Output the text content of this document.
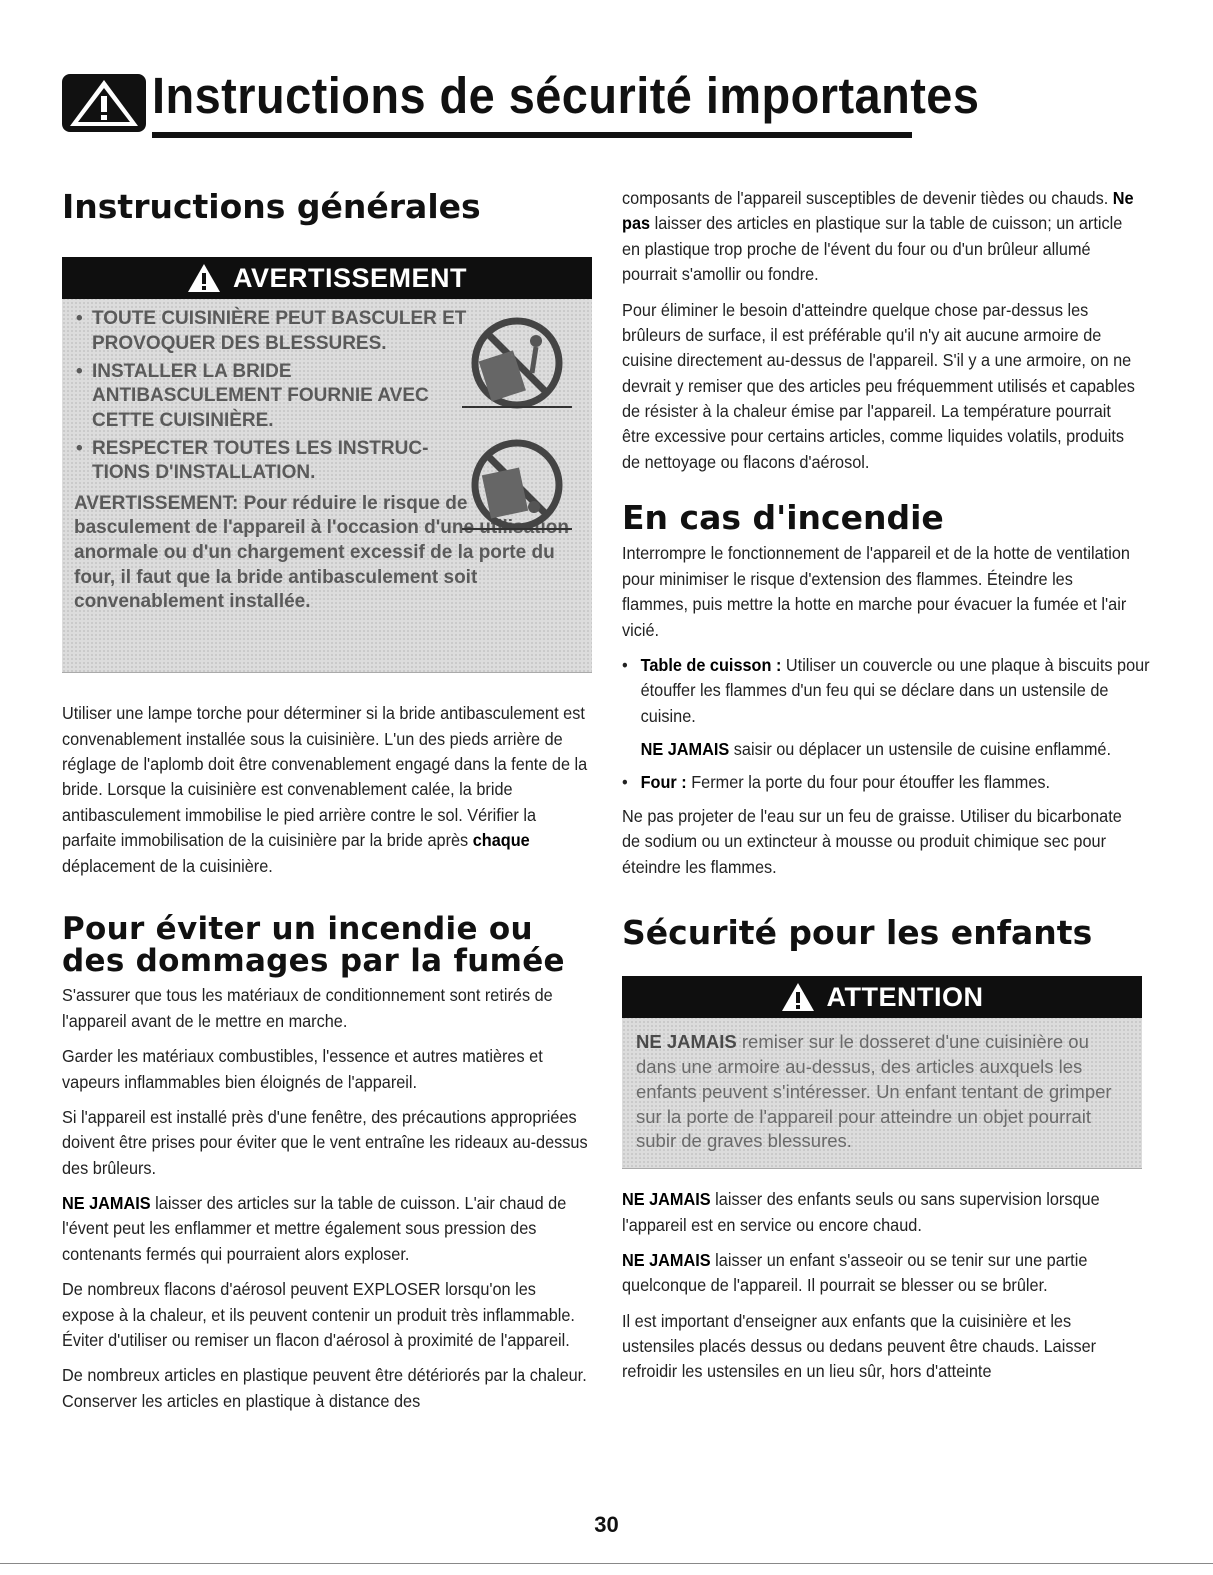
Instructions de sécurité importantes
Instructions générales
AVERTISSEMENT
• TOUTE CUISINIÈRE PEUT BASCULER ET PROVOQUER DES BLESSURES.
• INSTALLER LA BRIDE ANTIBASCULEMENT FOURNIE AVEC CETTE CUISINIÈRE.
• RESPECTER TOUTES LES INSTRUC- TIONS D'INSTALLATION.
AVERTISSEMENT: Pour réduire le risque de basculement de l'appareil à l'occasion d'une utilisation anormale ou d'un chargement excessif de la porte du four, il faut que la bride antibasculement soit convenablement installée.

Utiliser une lampe torche pour déterminer si la bride antibasculement est convenablement installée sous la cuisinière. L'un des pieds arrière de réglage de l'aplomb doit être convenablement engagé dans la fente de la bride. Lorsque la cuisinière est convenablement calée, la bride antibasculement immobilise le pied arrière contre le sol. Vérifier la parfaite immobilisation de la cuisinière par la bride après chaque déplacement de la cuisinière.

Pour éviter un incendie ou des dommages par la fumée

S'assurer que tous les matériaux de conditionnement sont retirés de l'appareil avant de le mettre en marche.

Garder les matériaux combustibles, l'essence et autres matières et vapeurs inflammables bien éloignés de l'appareil.

Si l'appareil est installé près d'une fenêtre, des précautions appropriées doivent être prises pour éviter que le vent entraîne les rideaux au-dessus des brûleurs.

NE JAMAIS laisser des articles sur la table de cuisson. L'air chaud de l'évent peut les enflammer et mettre également sous pression des contenants fermés qui pourraient alors exploser.

De nombreux flacons d'aérosol peuvent EXPLOSER lorsqu'on les expose à la chaleur, et ils peuvent contenir un produit très inflammable. Éviter d'utiliser ou remiser un flacon d'aérosol à proximité de l'appareil.

De nombreux articles en plastique peuvent être détériorés par la chaleur. Conserver les articles en plastique à distance des

composants de l'appareil susceptibles de devenir tièdes ou chauds. Ne pas laisser des articles en plastique sur la table de cuisson; un article en plastique trop proche de l'évent du four ou d'un brûleur allumé pourrait s'amollir ou fondre.

Pour éliminer le besoin d'atteindre quelque chose par-dessus les brûleurs de surface, il est préférable qu'il n'y ait aucune armoire de cuisine directement au-dessus de l'appareil. S'il y a une armoire, on ne devrait y remiser que des articles peu fréquemment utilisés et capables de résister à la chaleur émise par l'appareil. La température pourrait être excessive pour certains articles, comme liquides volatils, produits de nettoyage ou flacons d'aérosol.

En cas d'incendie

Interrompre le fonctionnement de l'appareil et de la hotte de ventilation pour minimiser le risque d'extension des flammes. Éteindre les flammes, puis mettre la hotte en marche pour évacuer la fumée et l'air vicié.

• Table de cuisson : Utiliser un couvercle ou une plaque à biscuits pour étouffer les flammes d'un feu qui se déclare dans un ustensile de cuisine.
NE JAMAIS saisir ou déplacer un ustensile de cuisine enflammé.
• Four : Fermer la porte du four pour étouffer les flammes.

Ne pas projeter de l'eau sur un feu de graisse. Utiliser du bicarbonate de sodium ou un extincteur à mousse ou produit chimique sec pour éteindre les flammes.

Sécurité pour les enfants
ATTENTION
NE JAMAIS remiser sur le dosseret d'une cuisinière ou dans une armoire au-dessus, des articles auxquels les enfants peuvent s'intéresser. Un enfant tentant de grimper sur la porte de l'appareil pour atteindre un objet pourrait subir de graves blessures.

NE JAMAIS laisser des enfants seuls ou sans supervision lorsque l'appareil est en service ou encore chaud.

NE JAMAIS laisser un enfant s'asseoir ou se tenir sur une partie quelconque de l'appareil. Il pourrait se blesser ou se brûler.

Il est important d'enseigner aux enfants que la cuisinière et les ustensiles placés dessus ou dedans peuvent être chauds. Laisser refroidir les ustensiles en un lieu sûr, hors d'atteinte

30
